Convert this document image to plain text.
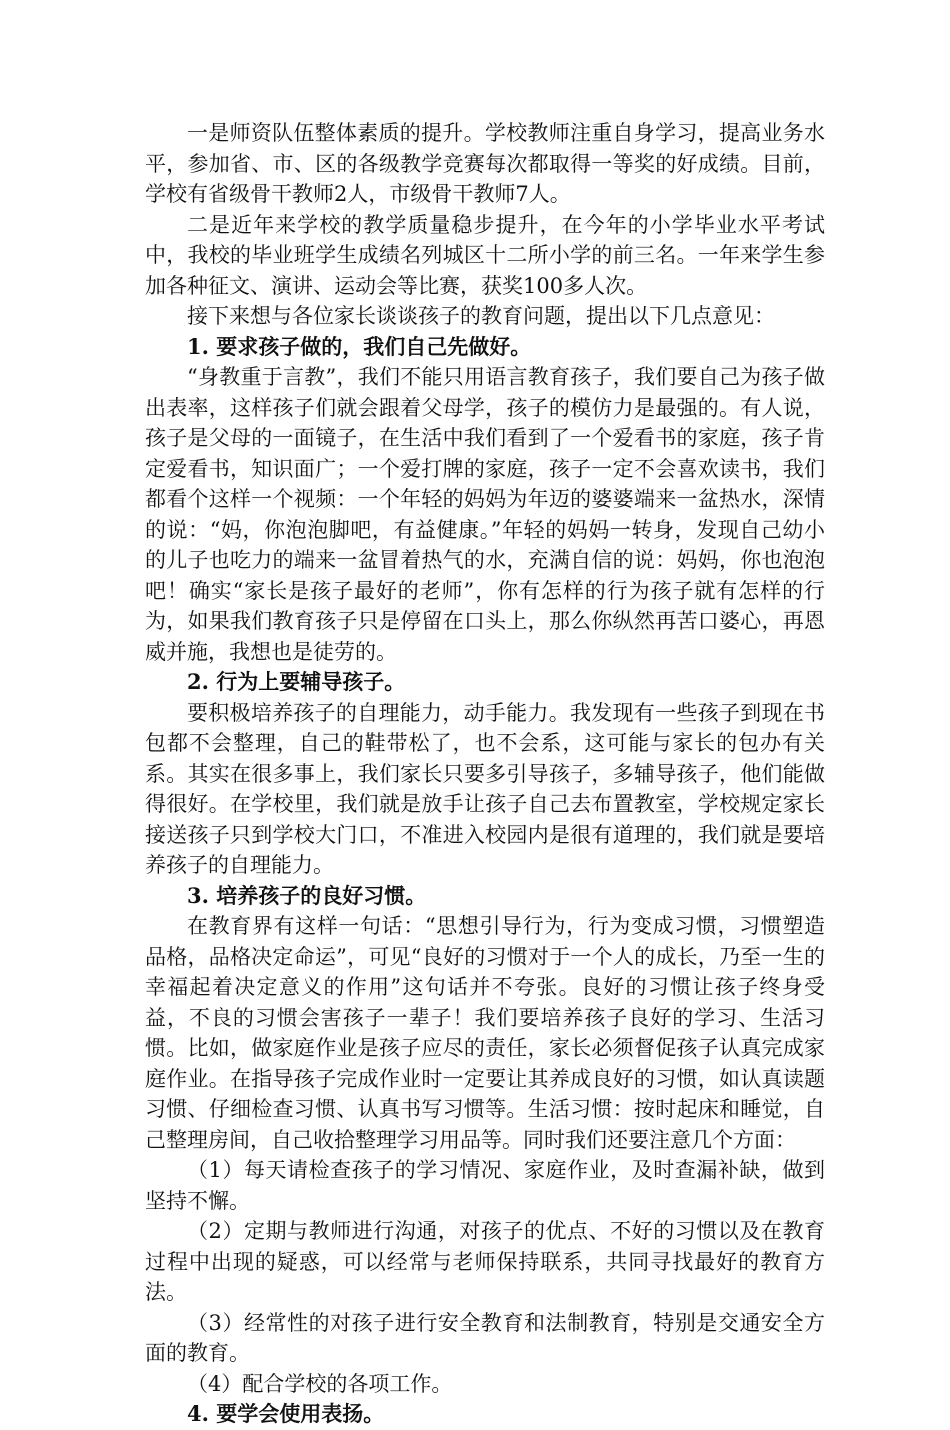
一是师资队伍整体素质的提升。学校教师注重自身学习，提高业务水平，参加省、市、区的各级教学竞赛每次都取得一等奖的好成绩。目前，学校有省级骨干教师2人，市级骨干教师7人。

二是近年来学校的教学质量稳步提升，在今年的小学毕业水平考试中，我校的毕业班学生成绩名列城区十二所小学的前三名。一年来学生参加各种征文、演讲、运动会等比赛，获奖100多人次。

接下来想与各位家长谈谈孩子的教育问题，提出以下几点意见：

1. 要求孩子做的，我们自己先做好。

“身教重于言教”，我们不能只用语言教育孩子，我们要自己为孩子做出表率，这样孩子们就会跟着父母学，孩子的模仿力是最强的。有人说，孩子是父母的一面镜子，在生活中我们看到了一个爱看书的家庭，孩子肯定爱看书，知识面广；一个爱打牌的家庭，孩子一定不会喜欢读书，我们都看个这样一个视频：一个年轻的妈妈为年迈的婆婆端来一盆热水，深情的说：“妈，你泡泡脚吧，有益健康。”年轻的妈妈一转身，发现自己幼小的儿子也吃力的端来一盆冒着热气的水，充满自信的说：妈妈，你也泡泡吧！确实“家长是孩子最好的老师”，你有怎样的行为孩子就有怎样的行为，如果我们教育孩子只是停留在口头上，那么你纵然再苦口婆心，再恩威并施，我想也是徒劳的。

2. 行为上要辅导孩子。

要积极培养孩子的自理能力，动手能力。我发现有一些孩子到现在书包都不会整理，自己的鞋带松了，也不会系，这可能与家长的包办有关系。其实在很多事上，我们家长只要多引导孩子，多辅导孩子，他们能做得很好。在学校里，我们就是放手让孩子自己去布置教室，学校规定家长接送孩子只到学校大门口，不准进入校园内是很有道理的，我们就是要培养孩子的自理能力。

3. 培养孩子的良好习惯。

在教育界有这样一句话：“思想引导行为，行为变成习惯，习惯塑造品格，品格决定命运”，可见“良好的习惯对于一个人的成长，乃至一生的幸福起着决定意义的作用”这句话并不夸张。良好的习惯让孩子终身受益，不良的习惯会害孩子一辈子！我们要培养孩子良好的学习、生活习惯。比如，做家庭作业是孩子应尽的责任，家长必须督促孩子认真完成家庭作业。在指导孩子完成作业时一定要让其养成良好的习惯，如认真读题习惯、仔细检查习惯、认真书写习惯等。生活习惯：按时起床和睡觉，自己整理房间，自己收拾整理学习用品等。同时我们还要注意几个方面：

（1）每天请检查孩子的学习情况、家庭作业，及时查漏补缺，做到坚持不懈。

（2）定期与教师进行沟通，对孩子的优点、不好的习惯以及在教育过程中出现的疑惑，可以经常与老师保持联系，共同寻找最好的教育方法。

（3）经常性的对孩子进行安全教育和法制教育，特别是交通安全方面的教育。

（4）配合学校的各项工作。

4. 要学会使用表扬。
